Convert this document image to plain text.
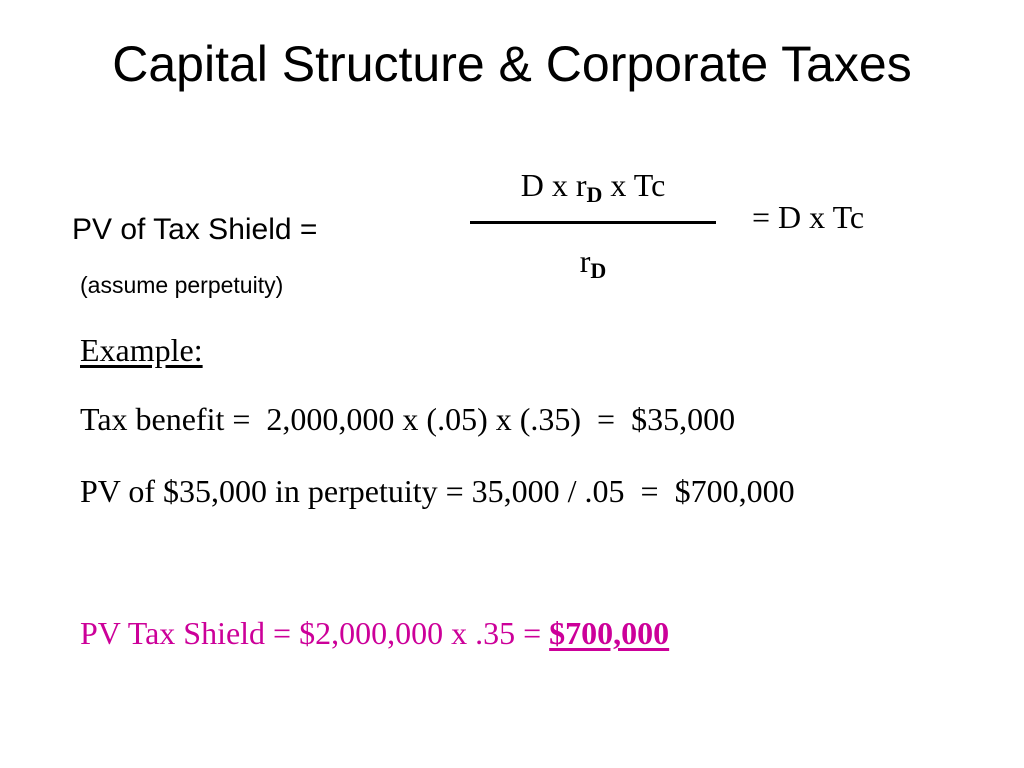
Capital Structure & Corporate Taxes
PV of Tax Shield =
D x rD x Tc
rD
= D x Tc
(assume perpetuity)
Example:
Tax benefit =  2,000,000 x (.05) x (.35)  =  $35,000
PV of $35,000 in perpetuity = 35,000 / .05  =  $700,000
PV Tax Shield = $2,000,000 x .35 = $700,000
